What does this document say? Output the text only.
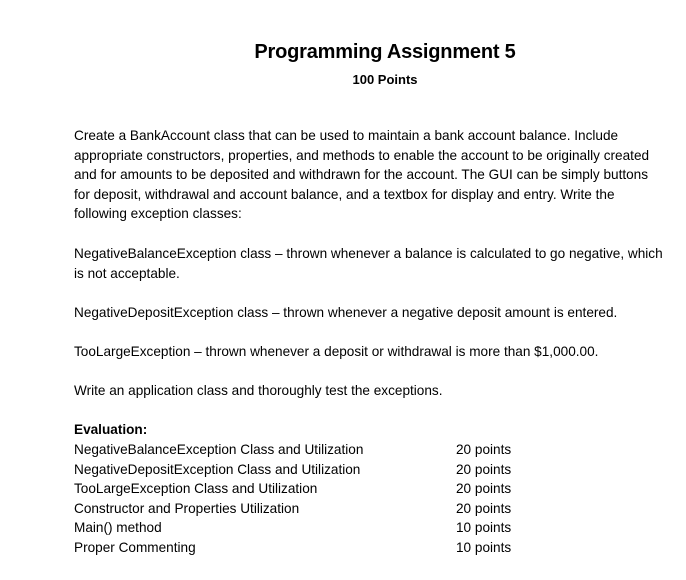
Programming Assignment 5
100 Points

Create a BankAccount class that can be used to maintain a bank account balance. Include appropriate constructors, properties, and methods to enable the account to be originally created and for amounts to be deposited and withdrawn for the account. The GUI can be simply buttons for deposit, withdrawal and account balance, and a textbox for display and entry. Write the following exception classes:

NegativeBalanceException class – thrown whenever a balance is calculated to go negative, which is not acceptable.

NegativeDepositException class – thrown whenever a negative deposit amount is entered.

TooLargeException – thrown whenever a deposit or withdrawal is more than $1,000.00.

Write an application class and thoroughly test the exceptions.

Evaluation:
NegativeBalanceException Class and Utilization	20 points
NegativeDepositException Class and Utilization	20 points
TooLargeException Class and Utilization	20 points
Constructor and Properties Utilization	20 points
Main() method	10 points
Proper Commenting	10 points
